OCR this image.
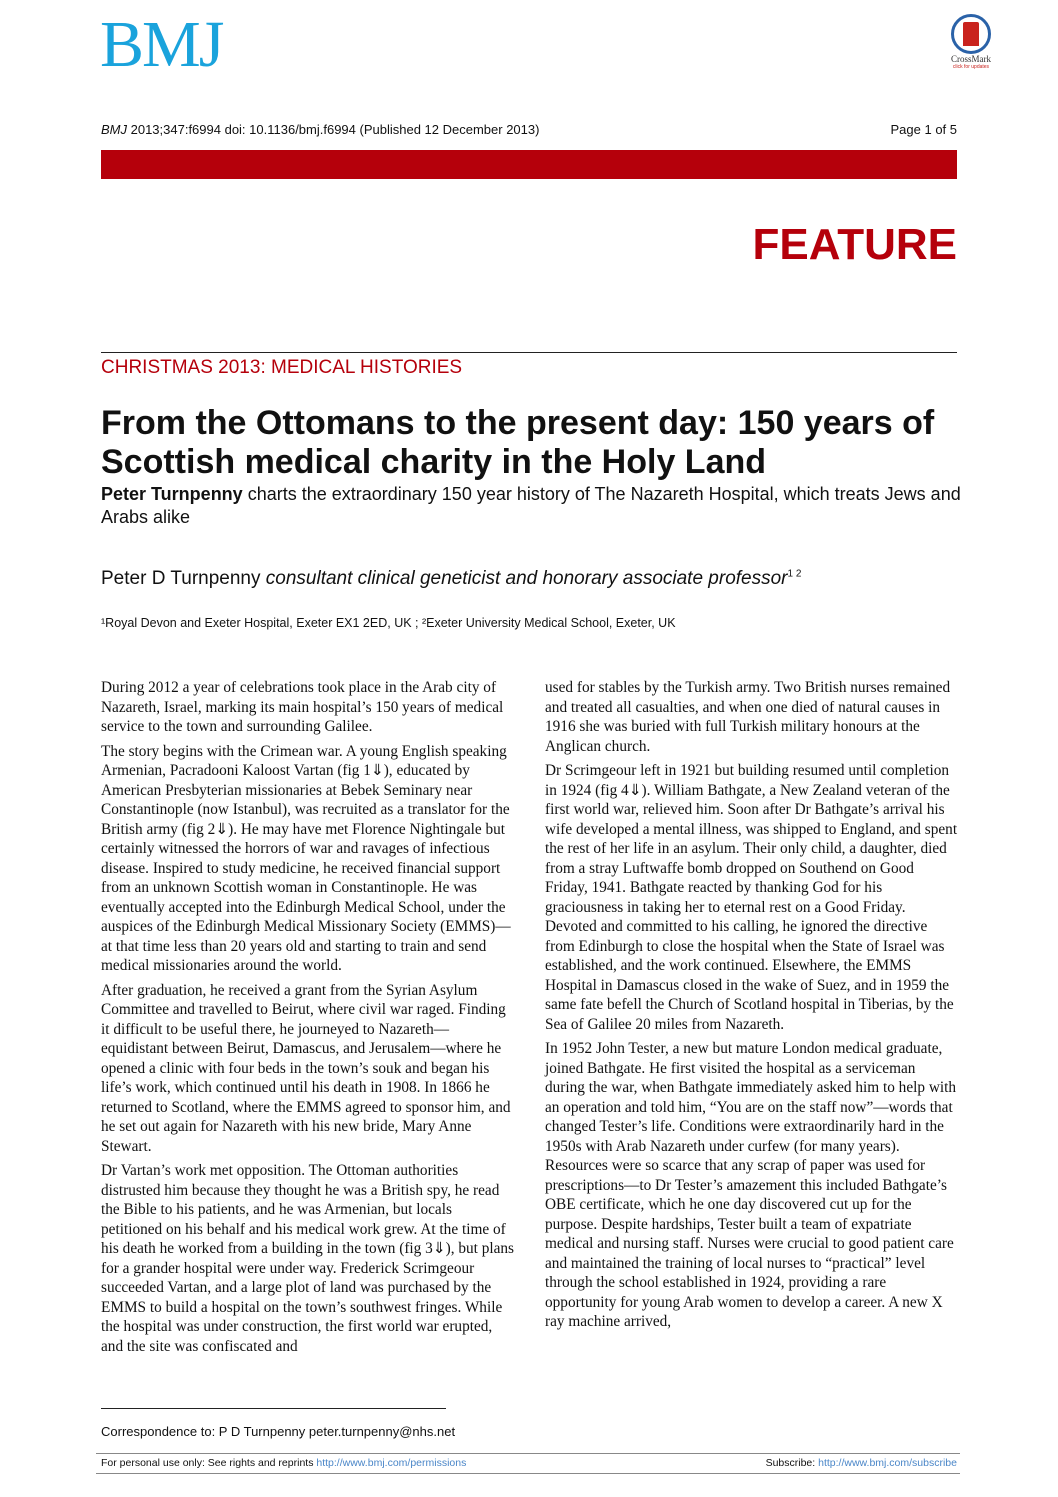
BMJ	CrossMark
click for updates
BMJ 2013;347:f6994 doi: 10.1136/bmj.f6994 (Published 12 December 2013)	Page 1 of 5
FEATURE
CHRISTMAS 2013: MEDICAL HISTORIES
From the Ottomans to the present day: 150 years of Scottish medical charity in the Holy Land
Peter Turnpenny charts the extraordinary 150 year history of The Nazareth Hospital, which treats Jews and Arabs alike
Peter D Turnpenny consultant clinical geneticist and honorary associate professor$^{1 2}$
¹Royal Devon and Exeter Hospital, Exeter EX1 2ED, UK ; ²Exeter University Medical School, Exeter, UK

During 2012 a year of celebrations took place in the Arab city of Nazareth, Israel, marking its main hospital’s 150 years of medical service to the town and surrounding Galilee.

The story begins with the Crimean war. A young English speaking Armenian, Pacradooni Kaloost Vartan (fig 1⇓), educated by American Presbyterian missionaries at Bebek Seminary near Constantinople (now Istanbul), was recruited as a translator for the British army (fig 2⇓). He may have met Florence Nightingale but certainly witnessed the horrors of war and ravages of infectious disease. Inspired to study medicine, he received financial support from an unknown Scottish woman in Constantinople. He was eventually accepted into the Edinburgh Medical School, under the auspices of the Edinburgh Medical Missionary Society (EMMS)—at that time less than 20 years old and starting to train and send medical missionaries around the world.

After graduation, he received a grant from the Syrian Asylum Committee and travelled to Beirut, where civil war raged. Finding it difficult to be useful there, he journeyed to Nazareth—equidistant between Beirut, Damascus, and Jerusalem—where he opened a clinic with four beds in the town’s souk and began his life’s work, which continued until his death in 1908. In 1866 he returned to Scotland, where the EMMS agreed to sponsor him, and he set out again for Nazareth with his new bride, Mary Anne Stewart.

Dr Vartan’s work met opposition. The Ottoman authorities distrusted him because they thought he was a British spy, he read the Bible to his patients, and he was Armenian, but locals petitioned on his behalf and his medical work grew. At the time of his death he worked from a building in the town (fig 3⇓), but plans for a grander hospital were under way. Frederick Scrimgeour succeeded Vartan, and a large plot of land was purchased by the EMMS to build a hospital on the town’s southwest fringes. While the hospital was under construction, the first world war erupted, and the site was confiscated and

used for stables by the Turkish army. Two British nurses remained and treated all casualties, and when one died of natural causes in 1916 she was buried with full Turkish military honours at the Anglican church.

Dr Scrimgeour left in 1921 but building resumed until completion in 1924 (fig 4⇓). William Bathgate, a New Zealand veteran of the first world war, relieved him. Soon after Dr Bathgate’s arrival his wife developed a mental illness, was shipped to England, and spent the rest of her life in an asylum. Their only child, a daughter, died from a stray Luftwaffe bomb dropped on Southend on Good Friday, 1941. Bathgate reacted by thanking God for his graciousness in taking her to eternal rest on a Good Friday. Devoted and committed to his calling, he ignored the directive from Edinburgh to close the hospital when the State of Israel was established, and the work continued. Elsewhere, the EMMS Hospital in Damascus closed in the wake of Suez, and in 1959 the same fate befell the Church of Scotland hospital in Tiberias, by the Sea of Galilee 20 miles from Nazareth.

In 1952 John Tester, a new but mature London medical graduate, joined Bathgate. He first visited the hospital as a serviceman during the war, when Bathgate immediately asked him to help with an operation and told him, “You are on the staff now”—words that changed Tester’s life. Conditions were extraordinarily hard in the 1950s with Arab Nazareth under curfew (for many years). Resources were so scarce that any scrap of paper was used for prescriptions—to Dr Tester’s amazement this included Bathgate’s OBE certificate, which he one day discovered cut up for the purpose. Despite hardships, Tester built a team of expatriate medical and nursing staff. Nurses were crucial to good patient care and maintained the training of local nurses to “practical” level through the school established in 1924, providing a rare opportunity for young Arab women to develop a career. A new X ray machine arrived,

Correspondence to: P D Turnpenny peter.turnpenny@nhs.net
For personal use only: See rights and reprints http://www.bmj.com/permissions	Subscribe: http://www.bmj.com/subscribe
